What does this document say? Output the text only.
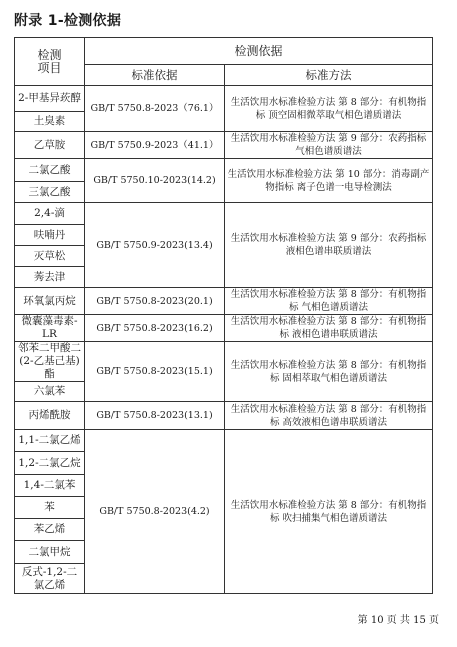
附录 1-检测依据
检测
项目	检测依据	
	标准依据	标准方法
2-甲基异莰醇	GB/T 5750.8-2023（76.1）	生活饮用水标准检验方法 第 8 部分：有机物指标 顶空固相微萃取气相色谱质谱法
土臭素		
乙草胺	GB/T 5750.9-2023（41.1）	生活饮用水标准检验方法 第 9 部分：农药指标 气相色谱质谱法
二氯乙酸	GB/T 5750.10-2023(14.2)	生活饮用水标准检验方法 第 10 部分：消毒副产物指标 离子色谱一电导检测法
三氯乙酸		
2,4-滴	GB/T 5750.9-2023(13.4)	生活饮用水标准检验方法 第 9 部分：农药指标 液相色谱串联质谱法
呋喃丹		
灭草松		
莠去津		
环氧氯丙烷	GB/T 5750.8-2023(20.1)	生活饮用水标准检验方法 第 8 部分：有机物指标 气相色谱质谱法
微囊藻毒素-LR	GB/T 5750.8-2023(16.2)	生活饮用水标准检验方法 第 8 部分：有机物指标 液相色谱串联质谱法
邻苯二甲酸二(2-乙基己基)酯	GB/T 5750.8-2023(15.1)	生活饮用水标准检验方法 第 8 部分：有机物指标 固相萃取气相色谱质谱法
六氯苯		
丙烯酰胺	GB/T 5750.8-2023(13.1)	生活饮用水标准检验方法 第 8 部分：有机物指标 高效液相色谱串联质谱法
1,1-二氯乙烯	GB/T 5750.8-2023(4.2)	生活饮用水标准检验方法 第 8 部分：有机物指标 吹扫捕集气相色谱质谱法
1,2-二氯乙烷		
1,4-二氯苯		
苯		
苯乙烯		
二氯甲烷		
反式-1,2-二氯乙烯		
第 10 页 共 15 页
